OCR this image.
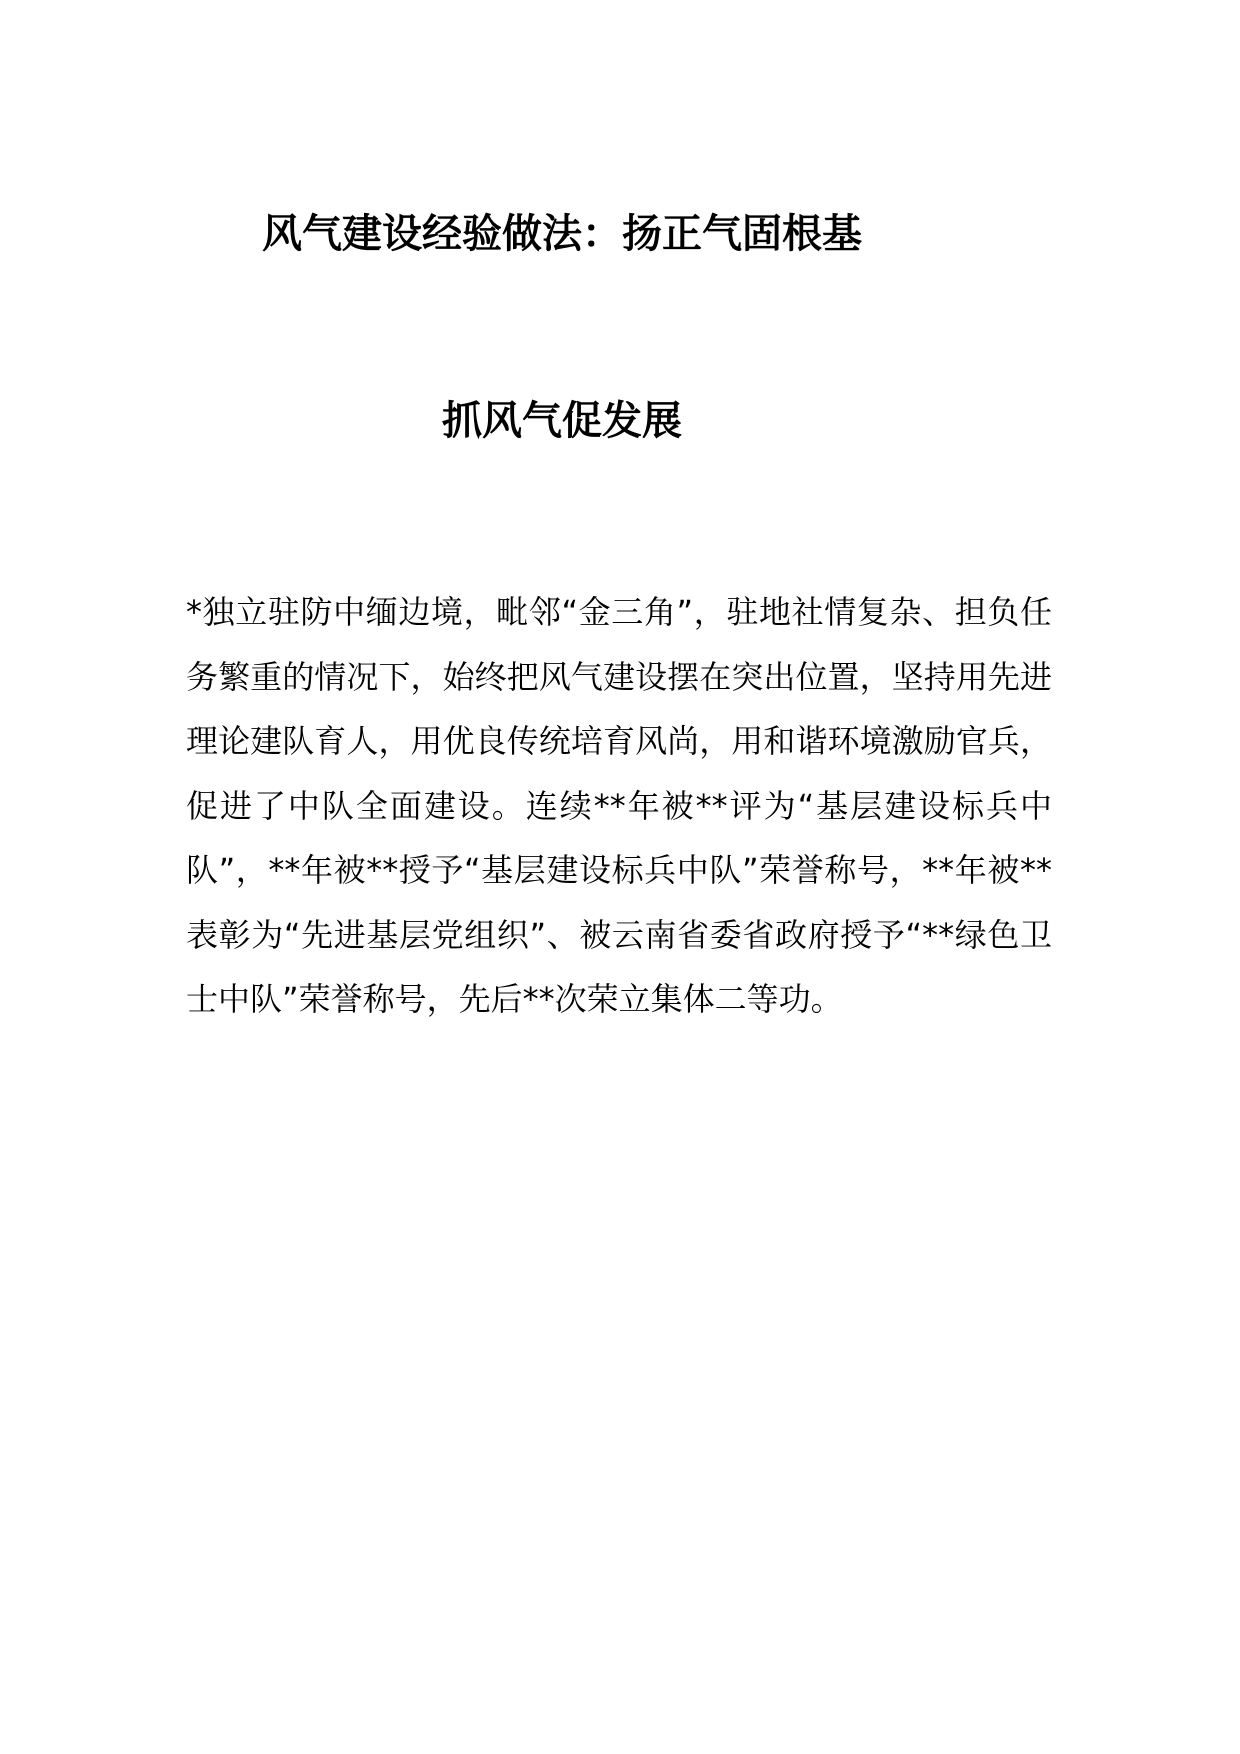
风气建设经验做法：扬正气固根基
抓风气促发展

*独立驻防中缅边境，毗邻“金三角”，驻地社情复杂、担负任务繁重的情况下，始终把风气建设摆在突出位置，坚持用先进理论建队育人，用优良传统培育风尚，用和谐环境激励官兵，促进了中队全面建设。连续**年被**评为“基层建设标兵中队”，**年被**授予“基层建设标兵中队”荣誉称号，**年被**表彰为“先进基层党组织”、被云南省委省政府授予“**绿色卫士中队”荣誉称号，先后**次荣立集体二等功。
